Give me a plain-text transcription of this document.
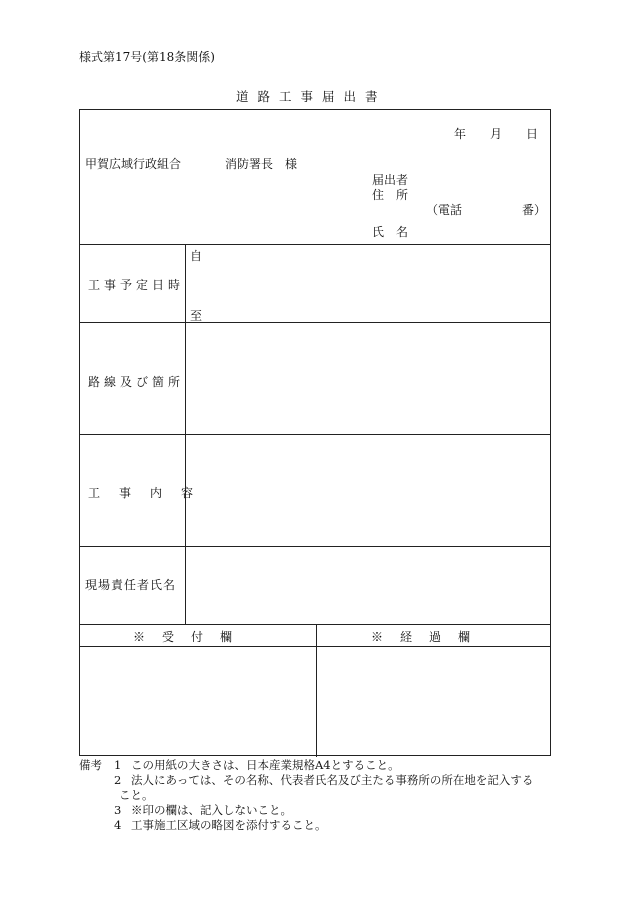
様式第17号(第18条関係)
道路工事届出書
年 月 日
甲賀広域行政組合	消防署長　様
届出者
住　所
（電話	番）
氏　名
工事予定日時
自
至
路線及び箇所
工事内容
現場責任者氏名
※受付欄	※経過欄
備考 1 この用紙の大きさは、日本産業規格A4とすること。
2 法人にあっては、その名称、代表者氏名及び主たる事務所の所在地を記入する
こと。
3 ※印の欄は、記入しないこと。
4 工事施工区域の略図を添付すること。
